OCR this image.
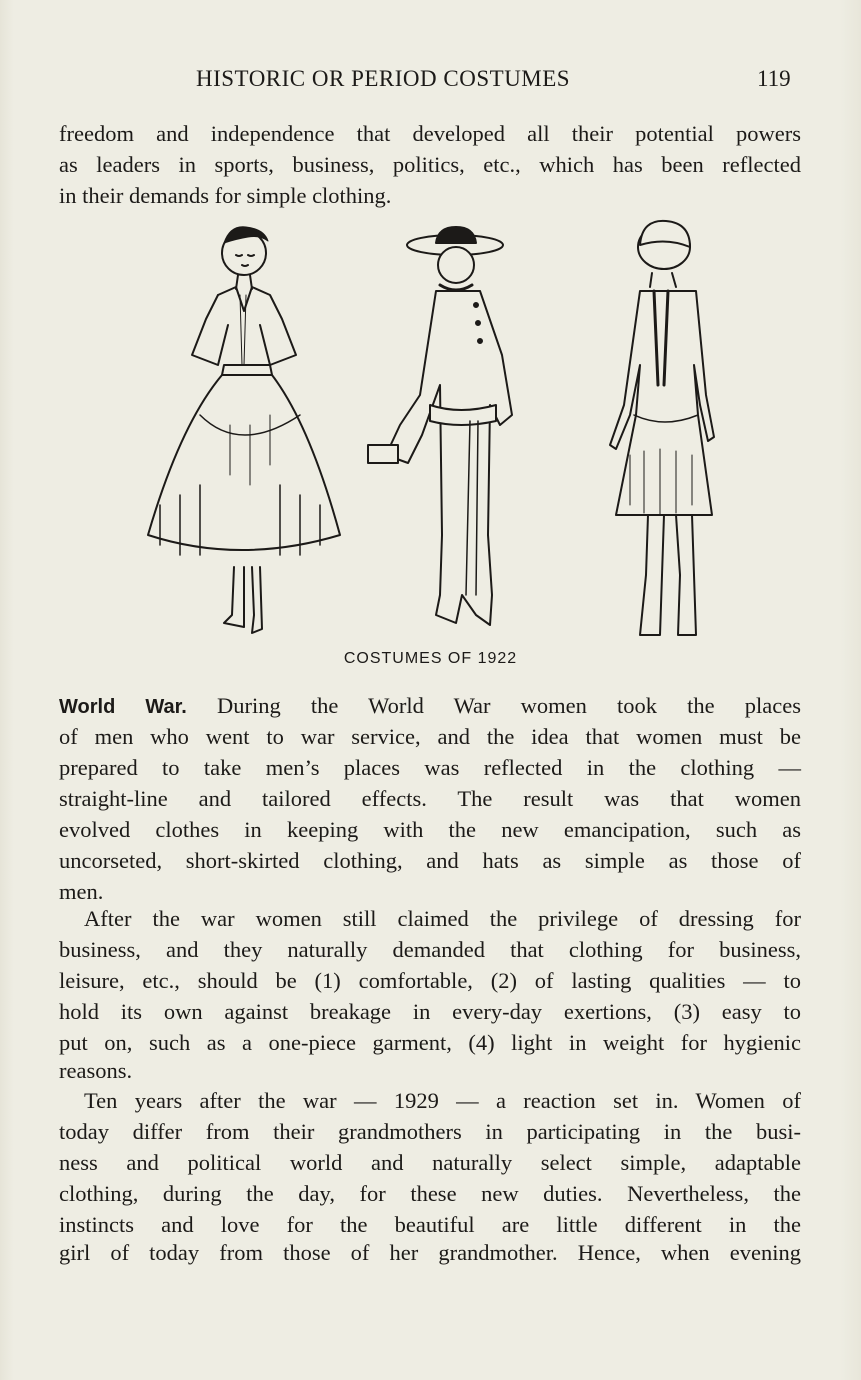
HISTORIC OR PERIOD COSTUMES	119
freedom and independence that developed all their potential powers
as leaders in sports, business, politics, etc., which has been reflected
in their demands for simple clothing.
COSTUMES OF 1922
World War. During the World War women took the places
of men who went to war service, and the idea that women must be
prepared to take men’s places was reflected in the clothing —
straight-line and tailored effects. The result was that women
evolved clothes in keeping with the new emancipation, such as
uncorseted, short-skirted clothing, and hats as simple as those of
men.
After the war women still claimed the privilege of dressing for
business, and they naturally demanded that clothing for business,
leisure, etc., should be (1) comfortable, (2) of lasting qualities — to
hold its own against breakage in every-day exertions, (3) easy to
put on, such as a one-piece garment, (4) light in weight for hygienic
reasons.
Ten years after the war — 1929 — a reaction set in. Women of
today differ from their grandmothers in participating in the busi-
ness and political world and naturally select simple, adaptable
clothing, during the day, for these new duties. Nevertheless, the
instincts and love for the beautiful are little different in the
girl of today from those of her grandmother. Hence, when evening
